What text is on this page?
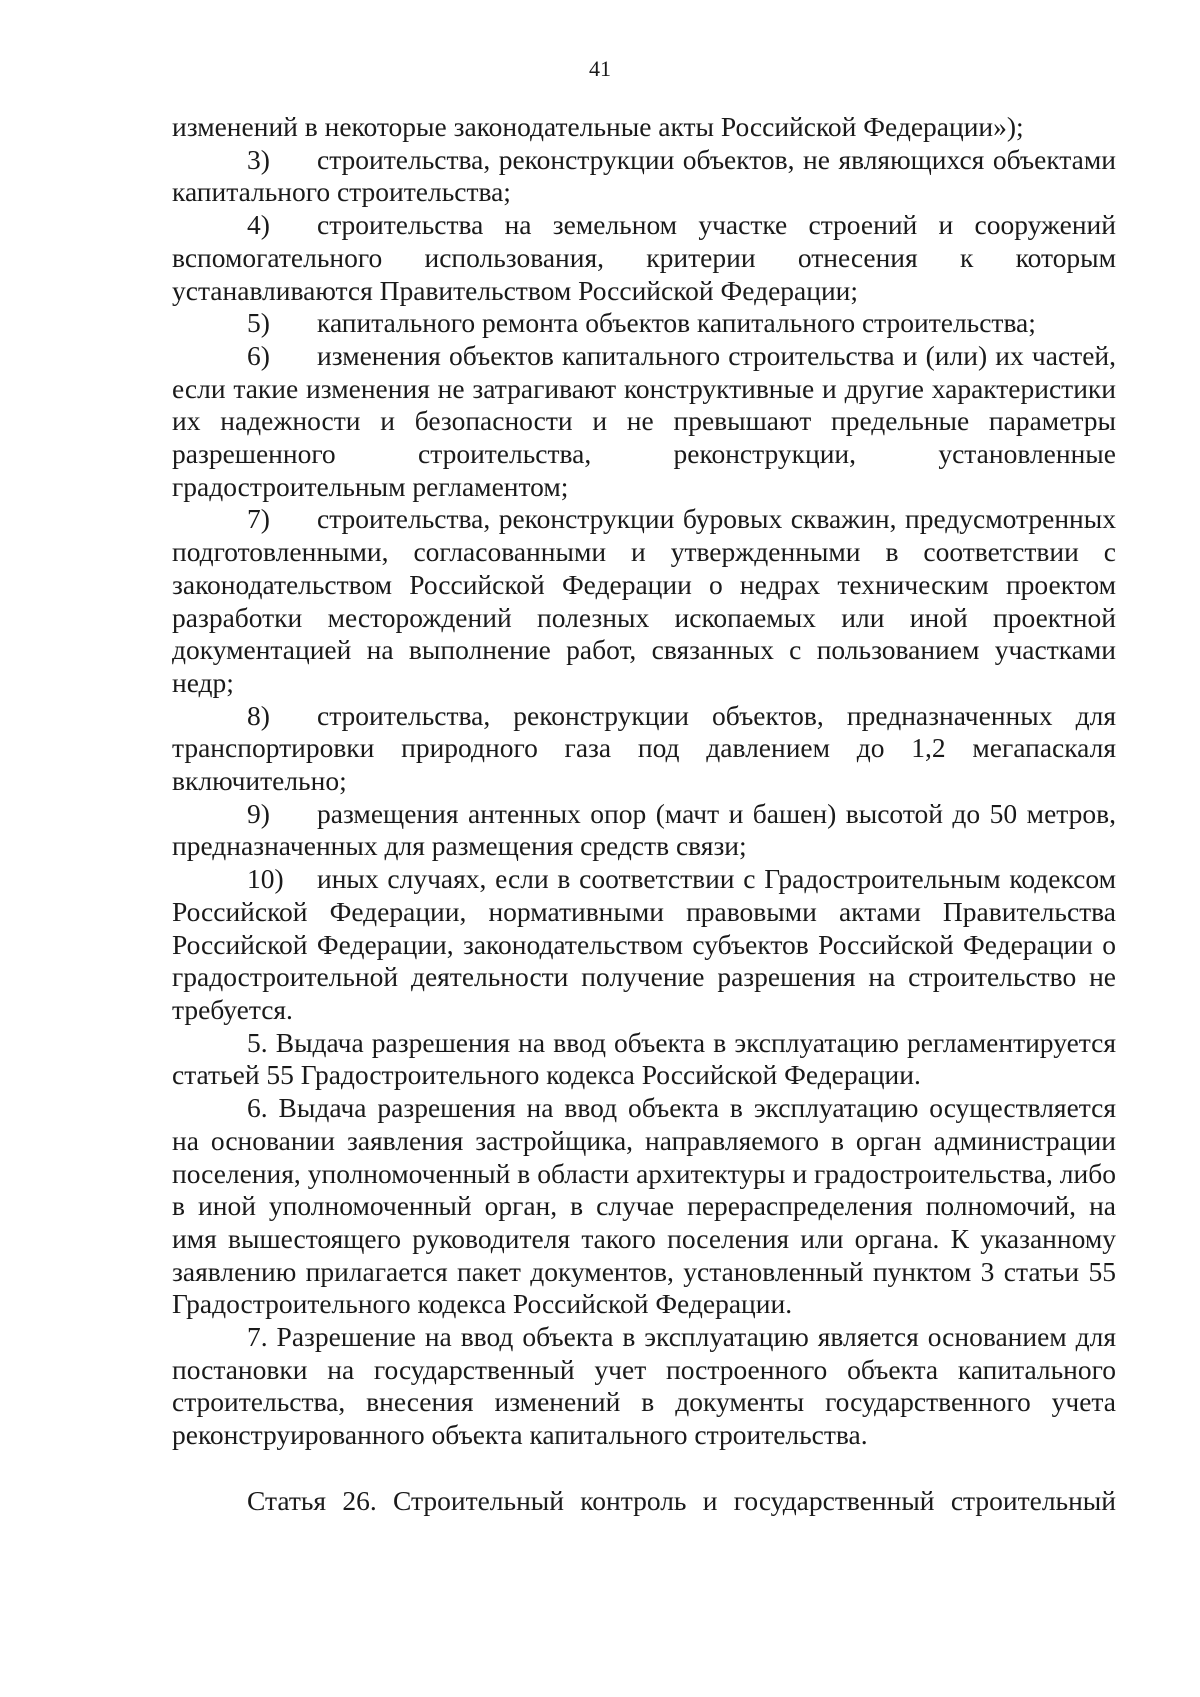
41

изменений в некоторые законодательные акты Российской Федерации»);

3) строительства, реконструкции объектов, не являющихся объектами капитального строительства;

4) строительства на земельном участке строений и сооружений вспомогательного использования, критерии отнесения к которым устанавливаются Правительством Российской Федерации;

5) капитального ремонта объектов капитального строительства;

6) изменения объектов капитального строительства и (или) их частей, если такие изменения не затрагивают конструктивные и другие характеристики их надежности и безопасности и не превышают предельные параметры разрешенного строительства, реконструкции, установленные градостроительным регламентом;

7) строительства, реконструкции буровых скважин, предусмотренных подготовленными, согласованными и утвержденными в соответствии с законодательством Российской Федерации о недрах техническим проектом разработки месторождений полезных ископаемых или иной проектной документацией на выполнение работ, связанных с пользованием участками недр;

8) строительства, реконструкции объектов, предназначенных для транспортировки природного газа под давлением до 1,2 мегапаскаля включительно;

9) размещения антенных опор (мачт и башен) высотой до 50 метров, предназначенных для размещения средств связи;

10) иных случаях, если в соответствии с Градостроительным кодексом Российской Федерации, нормативными правовыми актами Правительства Российской Федерации, законодательством субъектов Российской Федерации о градостроительной деятельности получение разрешения на строительство не требуется.

5. Выдача разрешения на ввод объекта в эксплуатацию регламентируется статьей 55 Градостроительного кодекса Российской Федерации.

6. Выдача разрешения на ввод объекта в эксплуатацию осуществляется на основании заявления застройщика, направляемого в орган администрации поселения, уполномоченный в области архитектуры и градостроительства, либо в иной уполномоченный орган, в случае перераспределения полномочий, на имя вышестоящего руководителя такого поселения или органа. К указанному заявлению прилагается пакет документов, установленный пунктом 3 статьи 55 Градостроительного кодекса Российской Федерации.

7. Разрешение на ввод объекта в эксплуатацию является основанием для постановки на государственный учет построенного объекта капитального строительства, внесения изменений в документы государственного учета реконструированного объекта капитального строительства.

Статья 26. Строительный контроль и государственный строительный
